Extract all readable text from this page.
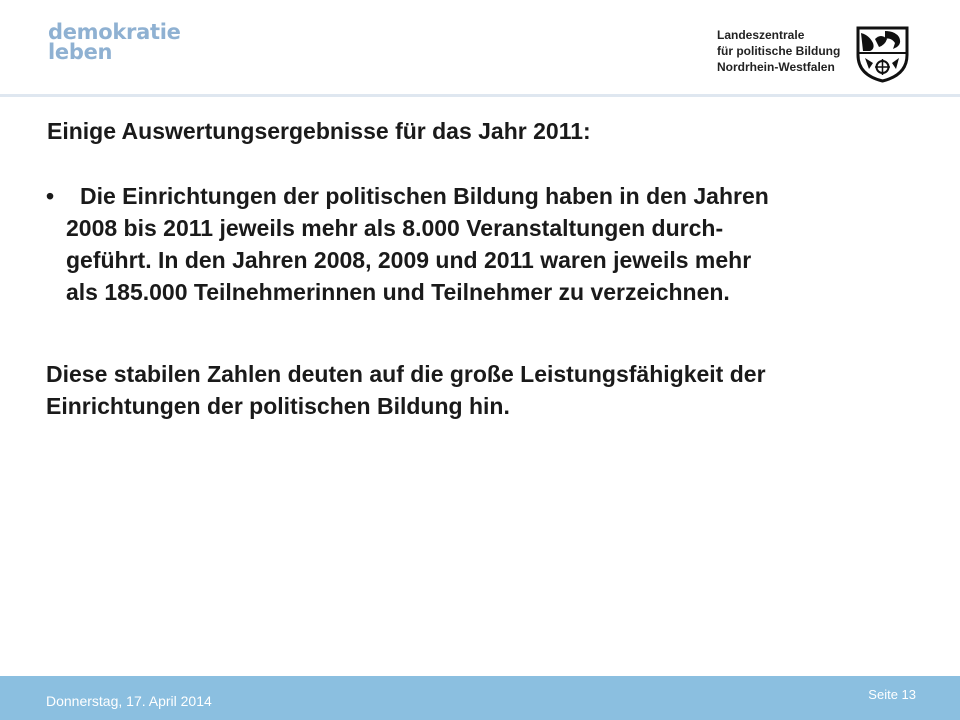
demokratie
leben
Landeszentrale
für politische Bildung
Nordrhein-Westfalen
Einige Auswertungsergebnisse für das Jahr 2011:
•	Die Einrichtungen der politischen Bildung haben in den Jahren
2008 bis 2011 jeweils mehr als 8.000 Veranstaltungen durch-
geführt. In den Jahren 2008, 2009 und 2011 waren jeweils mehr
als 185.000 Teilnehmerinnen und Teilnehmer zu verzeichnen.
Diese stabilen Zahlen deuten auf die große Leistungsfähigkeit der
Einrichtungen der politischen Bildung hin.
Donnerstag, 17. April 2014	Seite 13
